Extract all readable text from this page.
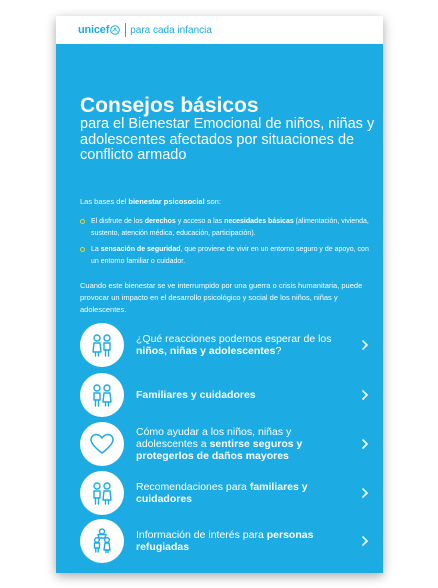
unicef para cada infancia
Consejos básicos
para el Bienestar Emocional de niños, niñas y adolescentes afectados por situaciones de conflicto armado
Las bases del bienestar psicosocial son:
El disfrute de los derechos y acceso a las necesidades básicas (alimentación, vivienda, sustento, atención médica, educación, participación).
La sensación de seguridad, que proviene de vivir en un entorno seguro y de apoyo, con un entorno familiar o cuidador.
Cuando este bienestar se ve interrumpido por una guerra o crisis humanitaria, puede provocar un impacto en el desarrollo psicológico y social de los niños, niñas y adolescentes.
¿Qué reacciones podemos esperar de los niños, niñas y adolescentes?
Familiares y cuidadores
Cómo ayudar a los niños, niñas y adolescentes a sentirse seguros y protegerlos de daños mayores
Recomendaciones para familiares y cuidadores
Información de interés para personas refugiadas
